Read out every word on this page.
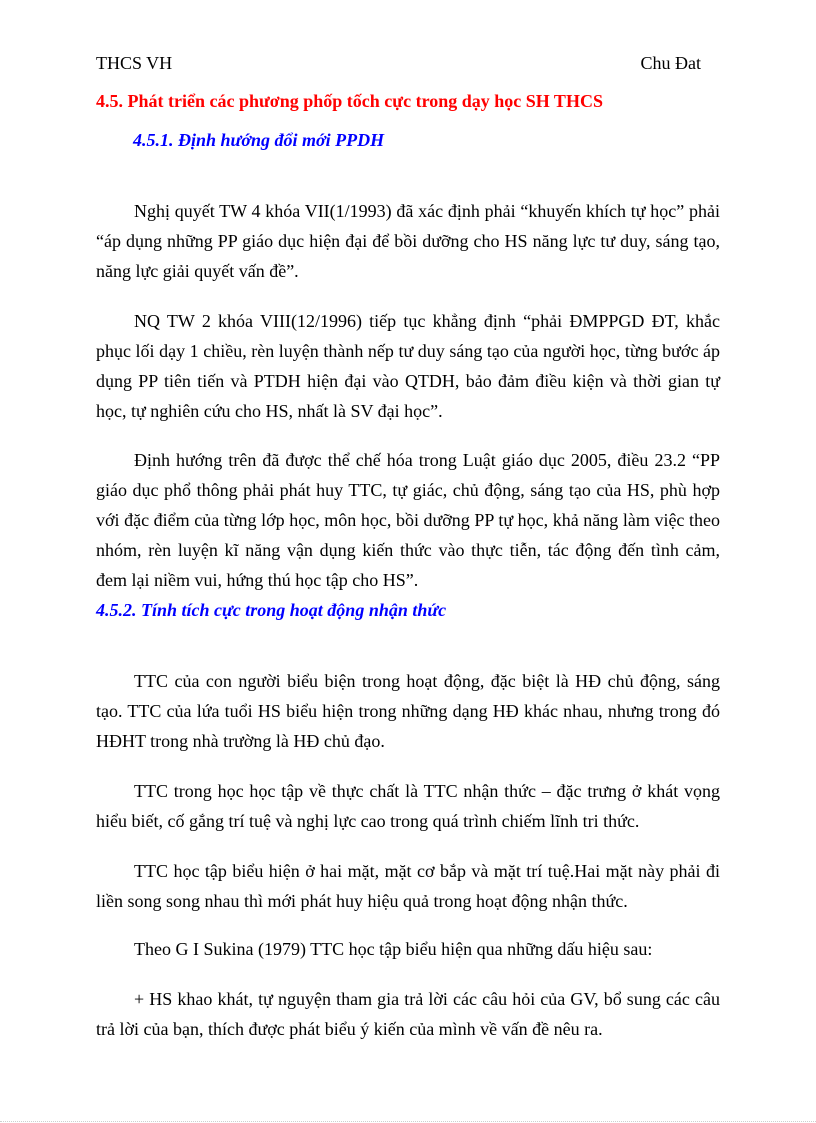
THCS VH	Chu Đat
4.5. Phát triển các phương phốp tốch cực trong dạy học SH THCS
4.5.1. Định hướng đổi mới PPDH

Nghị quyết TW 4 khóa VII(1/1993) đã xác định phải “khuyến khích tự học” phải “áp dụng những PP giáo dục hiện đại để bồi dưỡng cho HS năng lực tư duy, sáng tạo, năng lực giải quyết vấn đề”.

NQ TW 2 khóa VIII(12/1996) tiếp tục khẳng định “phải ĐMPPGD ĐT, khắc phục lối dạy 1 chiều, rèn luyện thành nếp tư duy sáng tạo của người học, từng bước áp dụng PP tiên tiến và PTDH hiện đại vào QTDH, bảo đảm điều kiện và thời gian tự học, tự nghiên cứu cho HS, nhất là SV đại học”.

Định hướng trên đã được thể chế hóa trong Luật giáo dục 2005, điều 23.2 “PP giáo dục phổ thông phải phát huy TTC, tự giác, chủ động, sáng tạo của HS, phù hợp với đặc điểm của từng lớp học, môn học, bồi dưỡng PP tự học, khả năng làm việc theo nhóm, rèn luyện kĩ năng vận dụng kiến thức vào thực tiễn, tác động đến tình cảm, đem lại niềm vui, hứng thú học tập cho HS”.

4.5.2. Tính tích cực trong hoạt động nhận thức

TTC của con người biểu biện trong hoạt động, đặc biệt là HĐ chủ động, sáng tạo. TTC của lứa tuổi HS biểu hiện trong những dạng HĐ khác nhau, nhưng trong đó HĐHT trong nhà trường là HĐ chủ đạo.

TTC trong học học tập về thực chất là TTC nhận thức – đặc trưng ở khát vọng hiểu biết, cố gắng trí tuệ và nghị lực cao trong quá trình chiếm lĩnh tri thức.

TTC học tập biểu hiện ở hai mặt, mặt cơ bắp và mặt trí tuệ.Hai mặt này phải đi liền song song nhau thì mới phát huy hiệu quả trong hoạt động nhận thức.

Theo G I Sukina (1979) TTC học tập biểu hiện qua những dấu hiệu sau:

+ HS khao khát, tự nguyện tham gia trả lời các câu hỏi của GV, bổ sung các câu trả lời của bạn, thích được phát biểu ý kiến của mình về vấn đề nêu ra.
